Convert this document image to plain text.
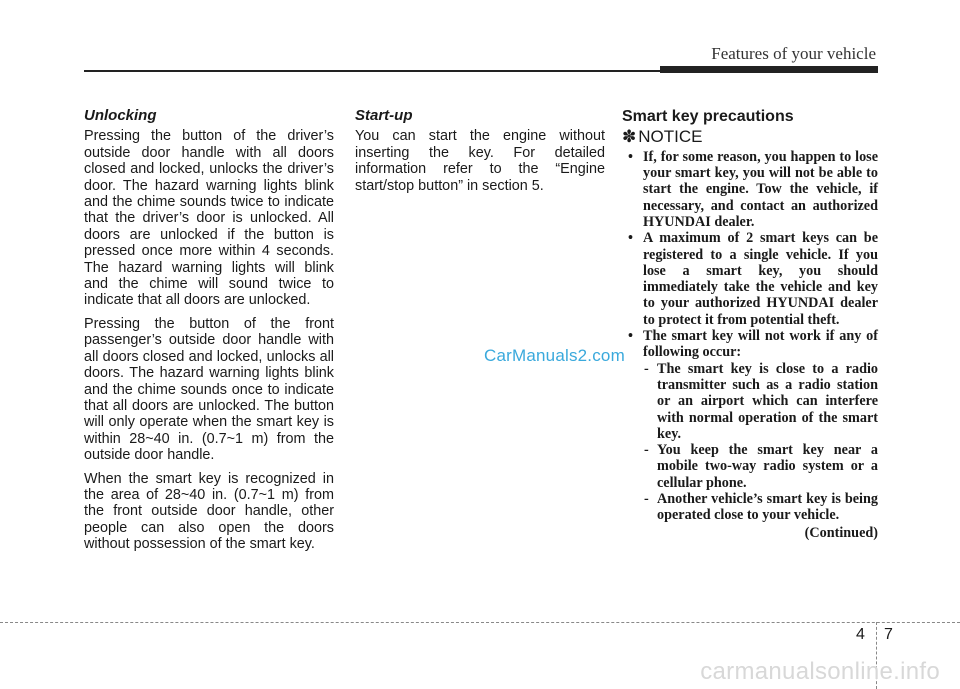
Features of your vehicle
Unlocking

Pressing the button of the driver’s outside door handle with all doors closed and locked, unlocks the driver’s door. The hazard warning lights blink and the chime sounds twice to indicate that the driver’s door is unlocked. All doors are unlocked if the button is pressed once more within 4 seconds. The hazard warning lights will blink and the chime will sound twice to indicate that all doors are unlocked.

Pressing the button of the front passenger’s outside door handle with all doors closed and locked, unlocks all doors. The hazard warning lights blink and the chime sounds once to indicate that all doors are unlocked. The button will only operate when the smart key is within 28~40 in. (0.7~1 m) from the outside door handle.

When the smart key is recognized in the area of 28~40 in. (0.7~1 m) from the front outside door handle, other people can also open the doors without possession of the smart key.

Start-up

You can start the engine without inserting the key. For detailed information refer to the “Engine start/stop button” in section 5.

Smart key precautions
✽ NOTICE
• If, for some reason, you happen to lose your smart key, you will not be able to start the engine. Tow the vehicle, if necessary, and contact an authorized HYUNDAI dealer.
• A maximum of 2 smart keys can be registered to a single vehicle. If you lose a smart key, you should immediately take the vehicle and key to your authorized HYUNDAI dealer to protect it from potential theft.
• The smart key will not work if any of following occur:
- The smart key is close to a radio transmitter such as a radio station or an airport which can interfere with normal operation of the smart key.
- You keep the smart key near a mobile two-way radio system or a cellular phone.
- Another vehicle’s smart key is being operated close to your vehicle.
(Continued)
CarManuals2.com
4 7
carmanualsonline.info
